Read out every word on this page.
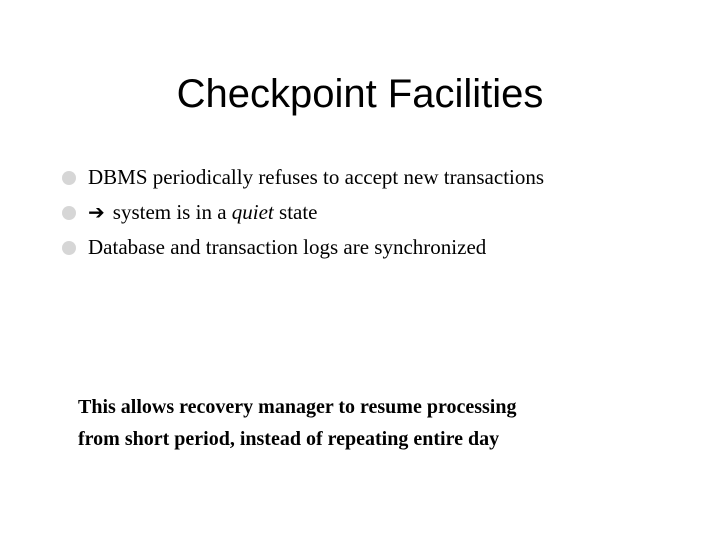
Checkpoint Facilities
DBMS periodically refuses to accept new transactions
➔ system is in a quiet state
Database and transaction logs are synchronized
This allows recovery manager to resume processing
from short period, instead of repeating entire day
